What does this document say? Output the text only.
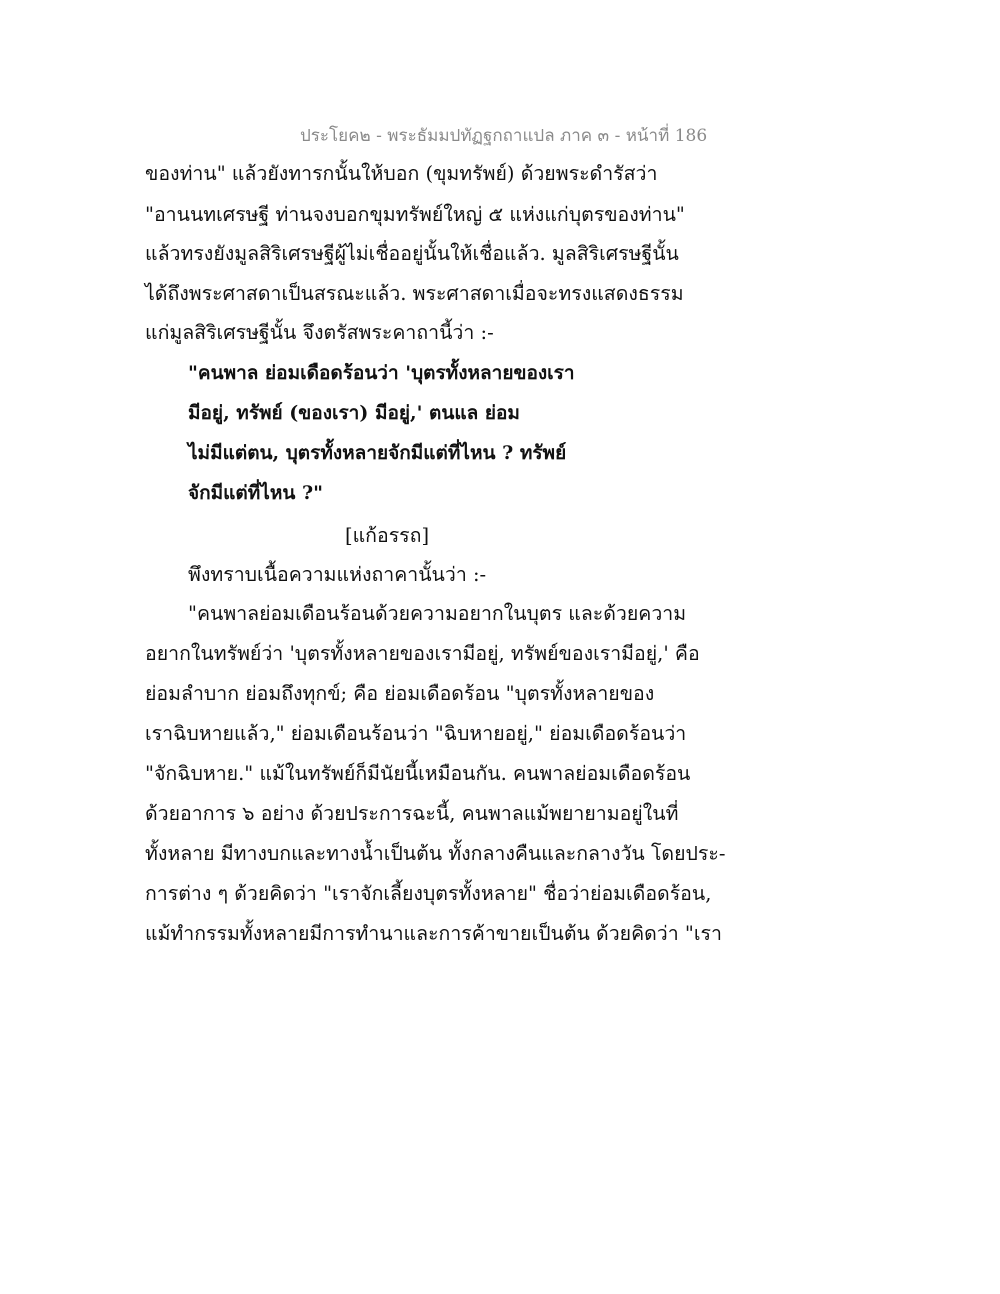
ประโยค๒ - พระธัมมปทัฏฐกถาแปล ภาค ๓ - หน้าที่ 186
ของท่าน" แล้วยังทารกนั้นให้บอก (ขุมทรัพย์) ด้วยพระดำรัสว่า
"อานนทเศรษฐี ท่านจงบอกขุมทรัพย์ใหญ่ ๕ แห่งแก่บุตรของท่าน"
แล้วทรงยังมูลสิริเศรษฐีผู้ไม่เชื่ออยู่นั้นให้เชื่อแล้ว. มูลสิริเศรษฐีนั้น
ได้ถึงพระศาสดาเป็นสรณะแล้ว. พระศาสดาเมื่อจะทรงแสดงธรรม
แก่มูลสิริเศรษฐีนั้น จึงตรัสพระคาถานี้ว่า :-
"คนพาล ย่อมเดือดร้อนว่า 'บุตรทั้งหลายของเรา
มีอยู่, ทรัพย์ (ของเรา) มีอยู่,' ตนแล ย่อม
ไม่มีแต่ตน, บุตรทั้งหลายจักมีแต่ที่ไหน ? ทรัพย์
จักมีแต่ที่ไหน ?"
[แก้อรรถ]
พึงทราบเนื้อความแห่งถาคานั้นว่า :-
"คนพาลย่อมเดือนร้อนด้วยความอยากในบุตร และด้วยความ
อยากในทรัพย์ว่า 'บุตรทั้งหลายของเรามีอยู่, ทรัพย์ของเรามีอยู่,' คือ
ย่อมลำบาก ย่อมถึงทุกข์; คือ ย่อมเดือดร้อน "บุตรทั้งหลายของ
เราฉิบหายแล้ว," ย่อมเดือนร้อนว่า "ฉิบหายอยู่," ย่อมเดือดร้อนว่า
"จักฉิบหาย." แม้ในทรัพย์ก็มีนัยนี้เหมือนกัน. คนพาลย่อมเดือดร้อน
ด้วยอาการ ๖ อย่าง ด้วยประการฉะนี้, คนพาลแม้พยายามอยู่ในที่
ทั้งหลาย มีทางบกและทางน้ำเป็นต้น ทั้งกลางคืนและกลางวัน โดยประ-
การต่าง ๆ ด้วยคิดว่า "เราจักเลี้ยงบุตรทั้งหลาย" ชื่อว่าย่อมเดือดร้อน,
แม้ทำกรรมทั้งหลายมีการทำนาและการค้าขายเป็นต้น ด้วยคิดว่า "เรา
